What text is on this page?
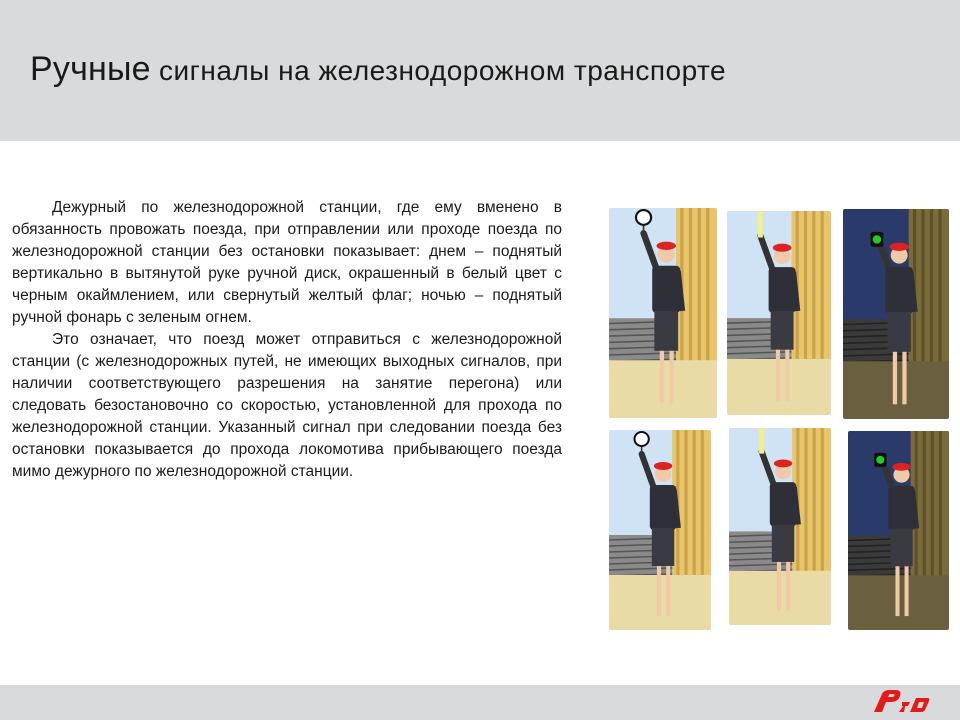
Ручные сигналы на железнодорожном транспорте

Дежурный по железнодорожной станции, где ему вменено в обязанность провожать поезда, при отправлении или проходе поезда по железнодорожной станции без остановки показывает: днем – поднятый вертикально в вытянутой руке ручной диск, окрашенный в белый цвет с черным окаймлением, или свернутый желтый флаг; ночью – поднятый ручной фонарь с зеленым огнем.

Это означает, что поезд может отправиться с железнодорожной станции (с железнодорожных путей, не имеющих выходных сигналов, при наличии соответствующего разрешения на занятие перегона) или следовать безостановочно со скоростью, установленной для прохода по железнодорожной станции. Указанный сигнал при следовании поезда без остановки показывается до прохода локомотива прибывающего поезда мимо дежурного по железнодорожной станции.
